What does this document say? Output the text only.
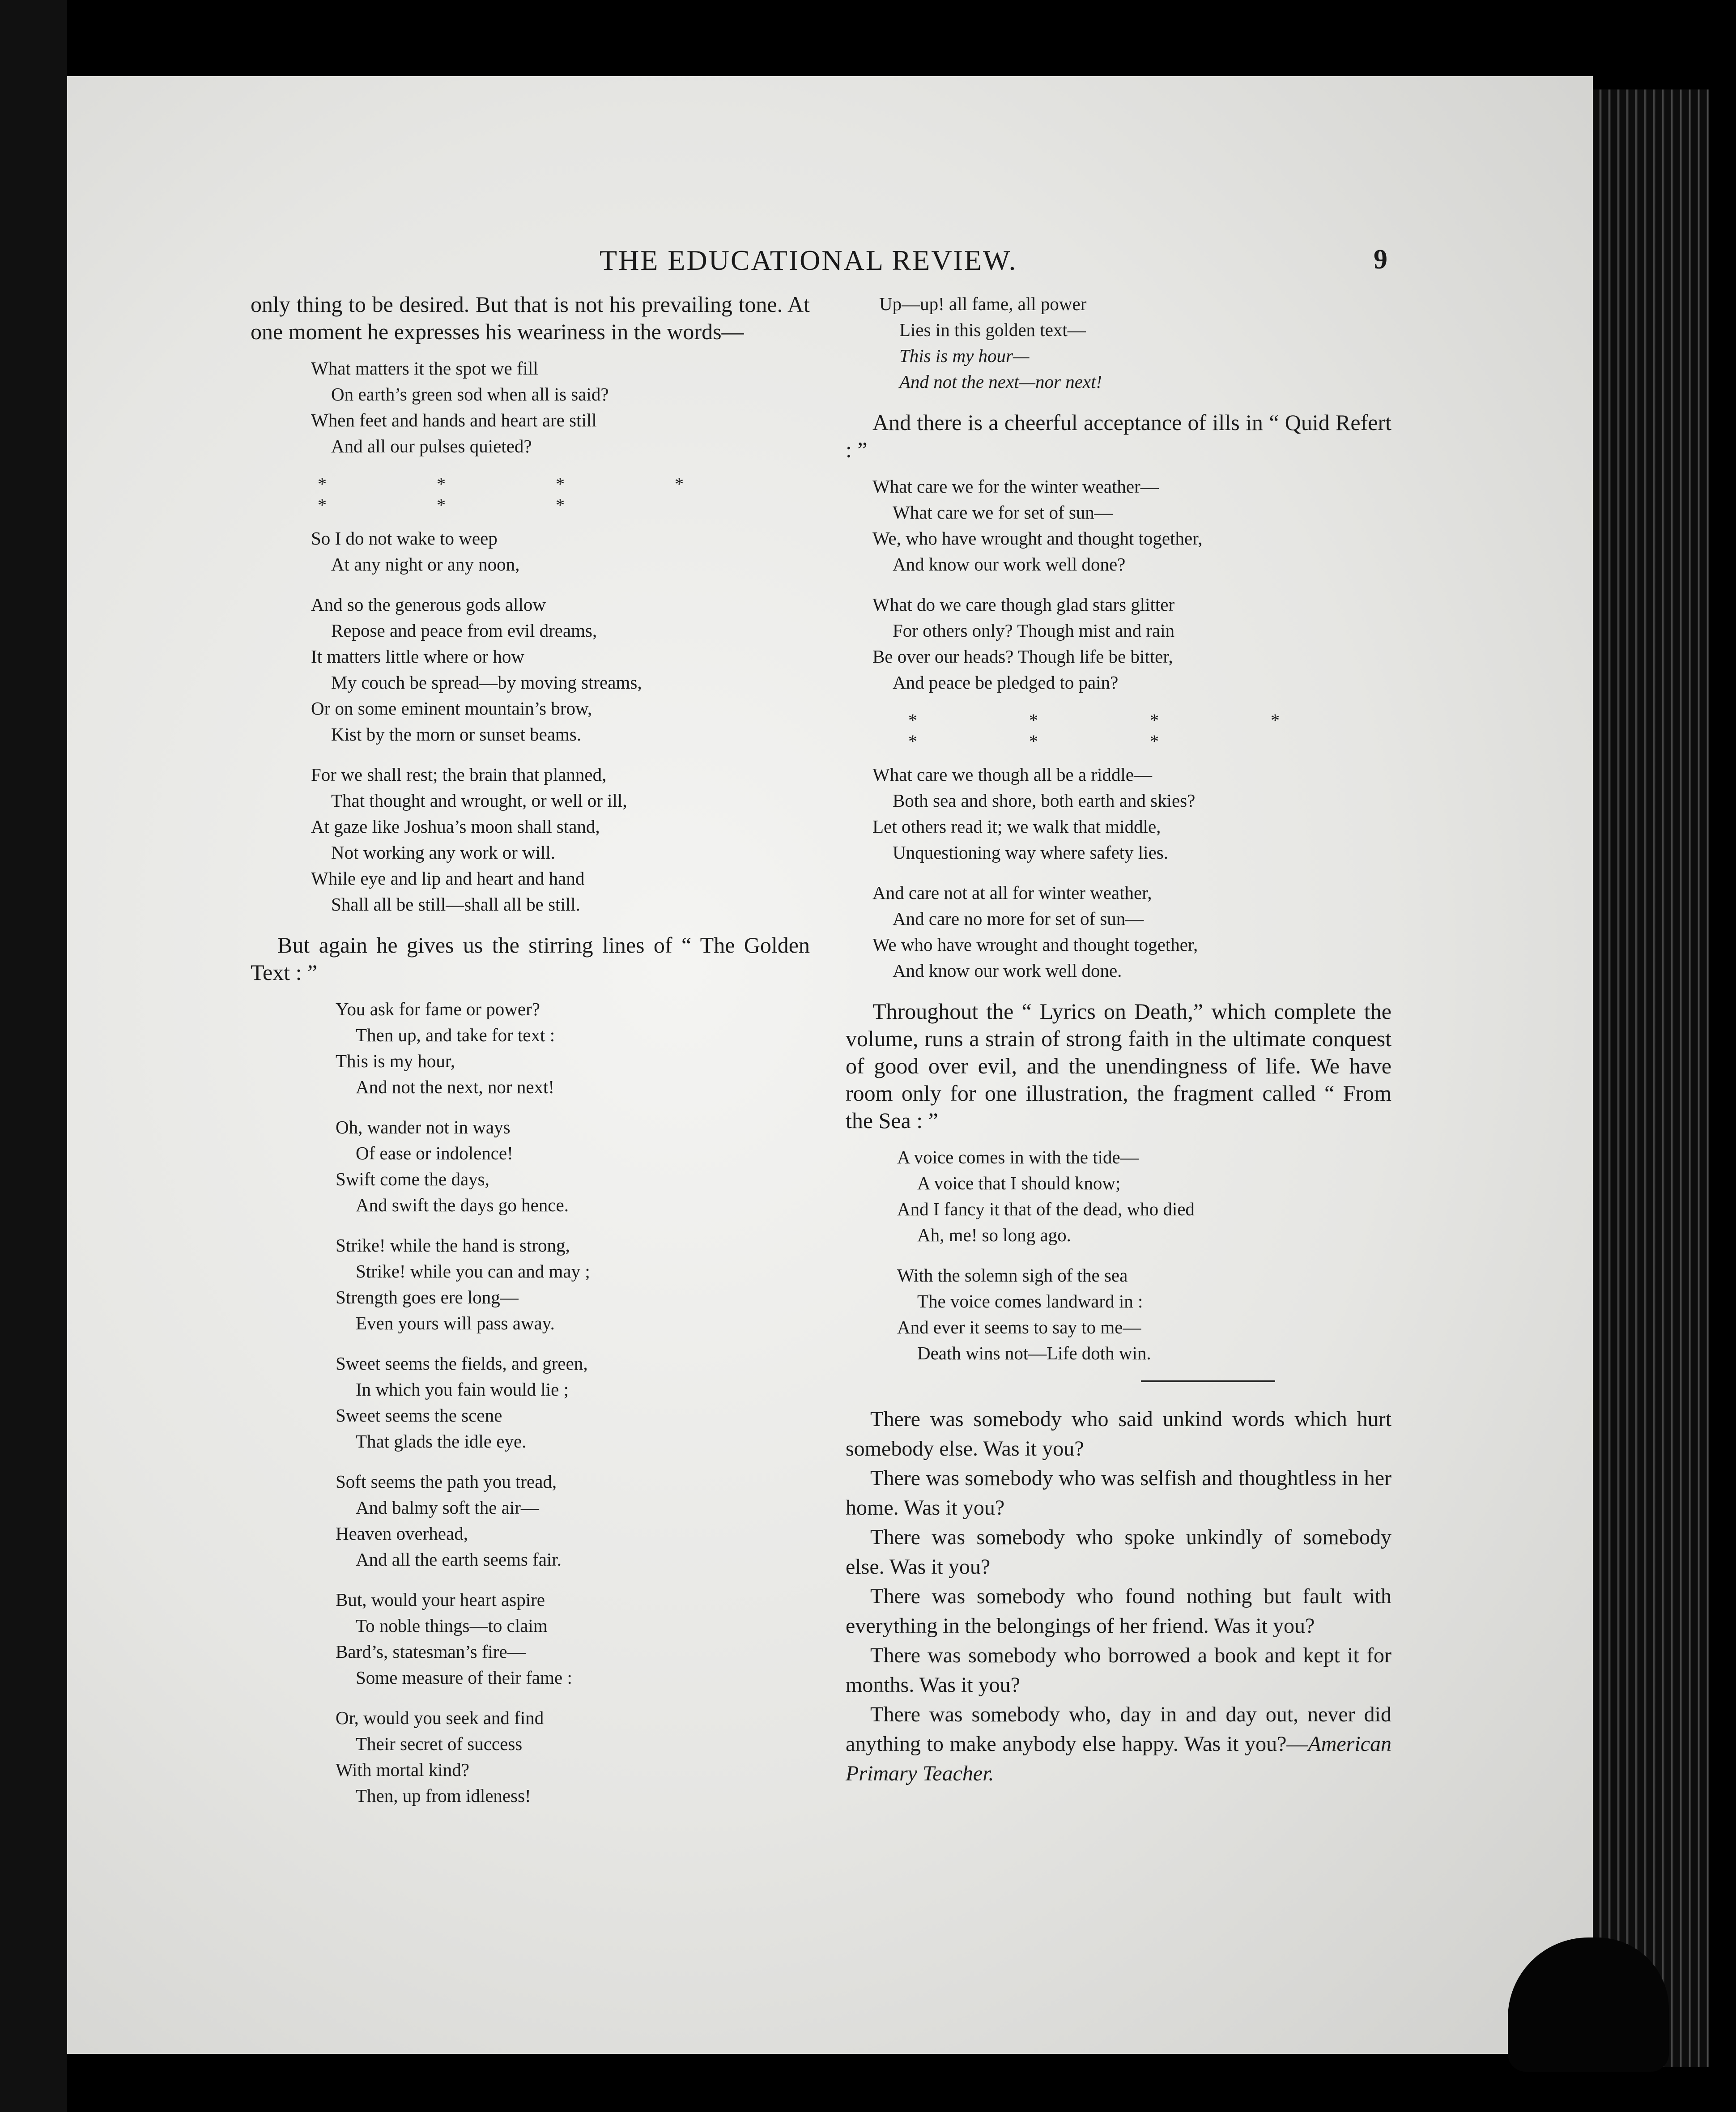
THE EDUCATIONAL REVIEW.	9

only thing to be desired. But that is not his prevailing tone. At one moment he expresses his weariness in the words—

What matters it the spot we fill
On earth’s green sod when all is said?
When feet and hands and heart are still
And all our pulses quieted?
* * * * * * *
So I do not wake to weep
At any night or any noon,
And so the generous gods allow
Repose and peace from evil dreams,
It matters little where or how
My couch be spread—by moving streams,
Or on some eminent mountain’s brow,
Kist by the morn or sunset beams.
For we shall rest; the brain that planned,
That thought and wrought, or well or ill,
At gaze like Joshua’s moon shall stand,
Not working any work or will.
While eye and lip and heart and hand
Shall all be still—shall all be still.

But again he gives us the stirring lines of “ The Golden Text : ”

You ask for fame or power?
Then up, and take for text :
This is my hour,
And not the next, nor next!
Oh, wander not in ways
Of ease or indolence!
Swift come the days,
And swift the days go hence.
Strike! while the hand is strong,
Strike! while you can and may ;
Strength goes ere long—
Even yours will pass away.
Sweet seems the fields, and green,
In which you fain would lie ;
Sweet seems the scene
That glads the idle eye.
Soft seems the path you tread,
And balmy soft the air—
Heaven overhead,
And all the earth seems fair.
But, would your heart aspire
To noble things—to claim
Bard’s, statesman’s fire—
Some measure of their fame :
Or, would you seek and find
Their secret of success
With mortal kind?
Then, up from idleness!
Up—up! all fame, all power
Lies in this golden text—
This is my hour—
And not the next—nor next!

And there is a cheerful acceptance of ills in “ Quid Refert : ”

What care we for the winter weather—
What care we for set of sun—
We, who have wrought and thought together,
And know our work well done?
What do we care though glad stars glitter
For others only? Though mist and rain
Be over our heads? Though life be bitter,
And peace be pledged to pain?
* * * * * * *
What care we though all be a riddle—
Both sea and shore, both earth and skies?
Let others read it; we walk that middle,
Unquestioning way where safety lies.
And care not at all for winter weather,
And care no more for set of sun—
We who have wrought and thought together,
And know our work well done.

Throughout the “ Lyrics on Death,” which complete the volume, runs a strain of strong faith in the ultimate conquest of good over evil, and the unendingness of life. We have room only for one illustration, the fragment called “ From the Sea : ”

A voice comes in with the tide—
A voice that I should know;
And I fancy it that of the dead, who died
Ah, me! so long ago.
With the solemn sigh of the sea
The voice comes landward in :
And ever it seems to say to me—
Death wins not—Life doth win.

There was somebody who said unkind words which hurt somebody else. Was it you?

There was somebody who was selfish and thoughtless in her home. Was it you?

There was somebody who spoke unkindly of somebody else. Was it you?

There was somebody who found nothing but fault with everything in the belongings of her friend. Was it you?

There was somebody who borrowed a book and kept it for months. Was it you?

There was somebody who, day in and day out, never did anything to make anybody else happy. Was it you?—American Primary Teacher.
